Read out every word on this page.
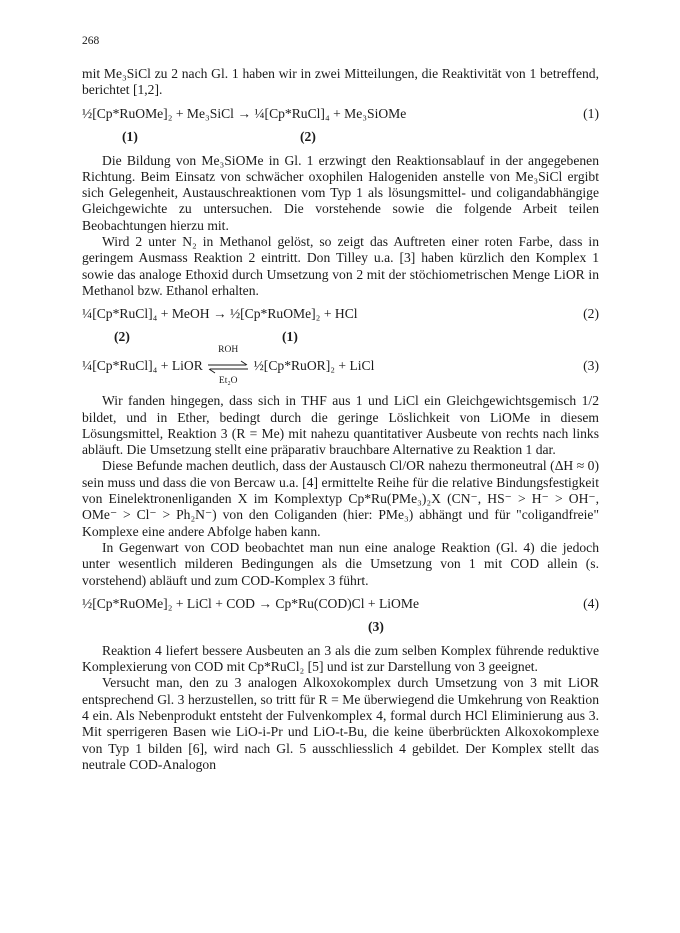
268

mit Me₃SiCl zu 2 nach Gl. 1 haben wir in zwei Mitteilungen, die Reaktivität von 1 betreffend, berichtet [1,2].

½[Cp*RuOMe]₂ + Me₃SiCl → ¼[Cp*RuCl]₄ + Me₃SiOMe	(1)
(1)	(2)

Die Bildung von Me₃SiOMe in Gl. 1 erzwingt den Reaktionsablauf in der angegebenen Richtung. Beim Einsatz von schwächer oxophilen Halogeniden anstelle von Me₃SiCl ergibt sich Gelegenheit, Austauschreaktionen vom Typ 1 als lösungsmittel- und coligandabhängige Gleichgewichte zu untersuchen. Die vorstehende sowie die folgende Arbeit teilen Beobachtungen hierzu mit.

Wird 2 unter N₂ in Methanol gelöst, so zeigt das Auftreten einer roten Farbe, dass in geringem Ausmass Reaktion 2 eintritt. Don Tilley u.a. [3] haben kürzlich den Komplex 1 sowie das analoge Ethoxid durch Umsetzung von 2 mit der stöchiometrischen Menge LiOR in Methanol bzw. Ethanol erhalten.

¼[Cp*RuCl]₄ + MeOH → ½[Cp*RuOMe]₂ + HCl	(2)
(2)	(1)
¼[Cp*RuCl]₄ + LiOR
ROH
Et₂O
½[Cp*RuOR]₂ + LiCl	(3)

Wir fanden hingegen, dass sich in THF aus 1 und LiCl ein Gleichgewichtsgemisch 1/2 bildet, und in Ether, bedingt durch die geringe Löslichkeit von LiOMe in diesem Lösungsmittel, Reaktion 3 (R = Me) mit nahezu quantitativer Ausbeute von rechts nach links abläuft. Die Umsetzung stellt eine präparativ brauchbare Alternative zu Reaktion 1 dar.

Diese Befunde machen deutlich, dass der Austausch Cl/OR nahezu thermoneutral (ΔH ≈ 0) sein muss und dass die von Bercaw u.a. [4] ermittelte Reihe für die relative Bindungsfestigkeit von Einelektronenliganden X im Komplextyp Cp*Ru(PMe₃)₂X (CN⁻, HS⁻ > H⁻ > OH⁻, OMe⁻ > Cl⁻ > Ph₂N⁻) von den Coliganden (hier: PMe₃) abhängt und für "coligandfreie" Komplexe eine andere Abfolge haben kann.

In Gegenwart von COD beobachtet man nun eine analoge Reaktion (Gl. 4) die jedoch unter wesentlich milderen Bedingungen als die Umsetzung von 1 mit COD allein (s. vorstehend) abläuft und zum COD-Komplex 3 führt.

½[Cp*RuOMe]₂ + LiCl + COD → Cp*Ru(COD)Cl + LiOMe	(4)
(3)

Reaktion 4 liefert bessere Ausbeuten an 3 als die zum selben Komplex führende reduktive Komplexierung von COD mit Cp*RuCl₂ [5] und ist zur Darstellung von 3 geeignet.

Versucht man, den zu 3 analogen Alkoxokomplex durch Umsetzung von 3 mit LiOR entsprechend Gl. 3 herzustellen, so tritt für R = Me überwiegend die Umkehrung von Reaktion 4 ein. Als Nebenprodukt entsteht der Fulvenkomplex 4, formal durch HCl Eliminierung aus 3. Mit sperrigeren Basen wie LiO-i-Pr und LiO-t-Bu, die keine überbrückten Alkoxokomplexe von Typ 1 bilden [6], wird nach Gl. 5 ausschliesslich 4 gebildet. Der Komplex stellt das neutrale COD-Analogon
